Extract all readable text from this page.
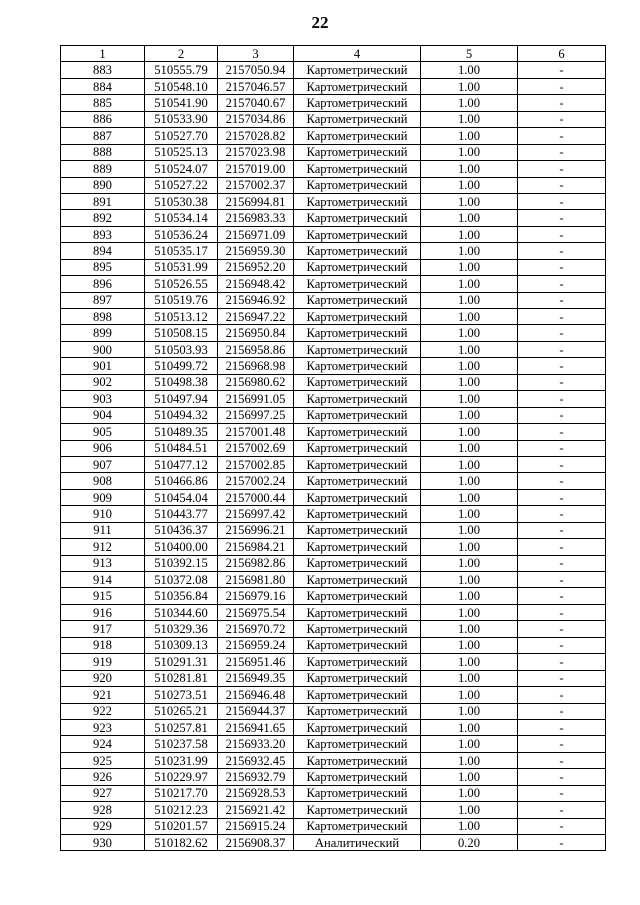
22
1	2	3	4	5	6
883	510555.79	2157050.94	Картометрический	1.00	-
884	510548.10	2157046.57	Картометрический	1.00	-
885	510541.90	2157040.67	Картометрический	1.00	-
886	510533.90	2157034.86	Картометрический	1.00	-
887	510527.70	2157028.82	Картометрический	1.00	-
888	510525.13	2157023.98	Картометрический	1.00	-
889	510524.07	2157019.00	Картометрический	1.00	-
890	510527.22	2157002.37	Картометрический	1.00	-
891	510530.38	2156994.81	Картометрический	1.00	-
892	510534.14	2156983.33	Картометрический	1.00	-
893	510536.24	2156971.09	Картометрический	1.00	-
894	510535.17	2156959.30	Картометрический	1.00	-
895	510531.99	2156952.20	Картометрический	1.00	-
896	510526.55	2156948.42	Картометрический	1.00	-
897	510519.76	2156946.92	Картометрический	1.00	-
898	510513.12	2156947.22	Картометрический	1.00	-
899	510508.15	2156950.84	Картометрический	1.00	-
900	510503.93	2156958.86	Картометрический	1.00	-
901	510499.72	2156968.98	Картометрический	1.00	-
902	510498.38	2156980.62	Картометрический	1.00	-
903	510497.94	2156991.05	Картометрический	1.00	-
904	510494.32	2156997.25	Картометрический	1.00	-
905	510489.35	2157001.48	Картометрический	1.00	-
906	510484.51	2157002.69	Картометрический	1.00	-
907	510477.12	2157002.85	Картометрический	1.00	-
908	510466.86	2157002.24	Картометрический	1.00	-
909	510454.04	2157000.44	Картометрический	1.00	-
910	510443.77	2156997.42	Картометрический	1.00	-
911	510436.37	2156996.21	Картометрический	1.00	-
912	510400.00	2156984.21	Картометрический	1.00	-
913	510392.15	2156982.86	Картометрический	1.00	-
914	510372.08	2156981.80	Картометрический	1.00	-
915	510356.84	2156979.16	Картометрический	1.00	-
916	510344.60	2156975.54	Картометрический	1.00	-
917	510329.36	2156970.72	Картометрический	1.00	-
918	510309.13	2156959.24	Картометрический	1.00	-
919	510291.31	2156951.46	Картометрический	1.00	-
920	510281.81	2156949.35	Картометрический	1.00	-
921	510273.51	2156946.48	Картометрический	1.00	-
922	510265.21	2156944.37	Картометрический	1.00	-
923	510257.81	2156941.65	Картометрический	1.00	-
924	510237.58	2156933.20	Картометрический	1.00	-
925	510231.99	2156932.45	Картометрический	1.00	-
926	510229.97	2156932.79	Картометрический	1.00	-
927	510217.70	2156928.53	Картометрический	1.00	-
928	510212.23	2156921.42	Картометрический	1.00	-
929	510201.57	2156915.24	Картометрический	1.00	-
930	510182.62	2156908.37	Аналитический	0.20	-
